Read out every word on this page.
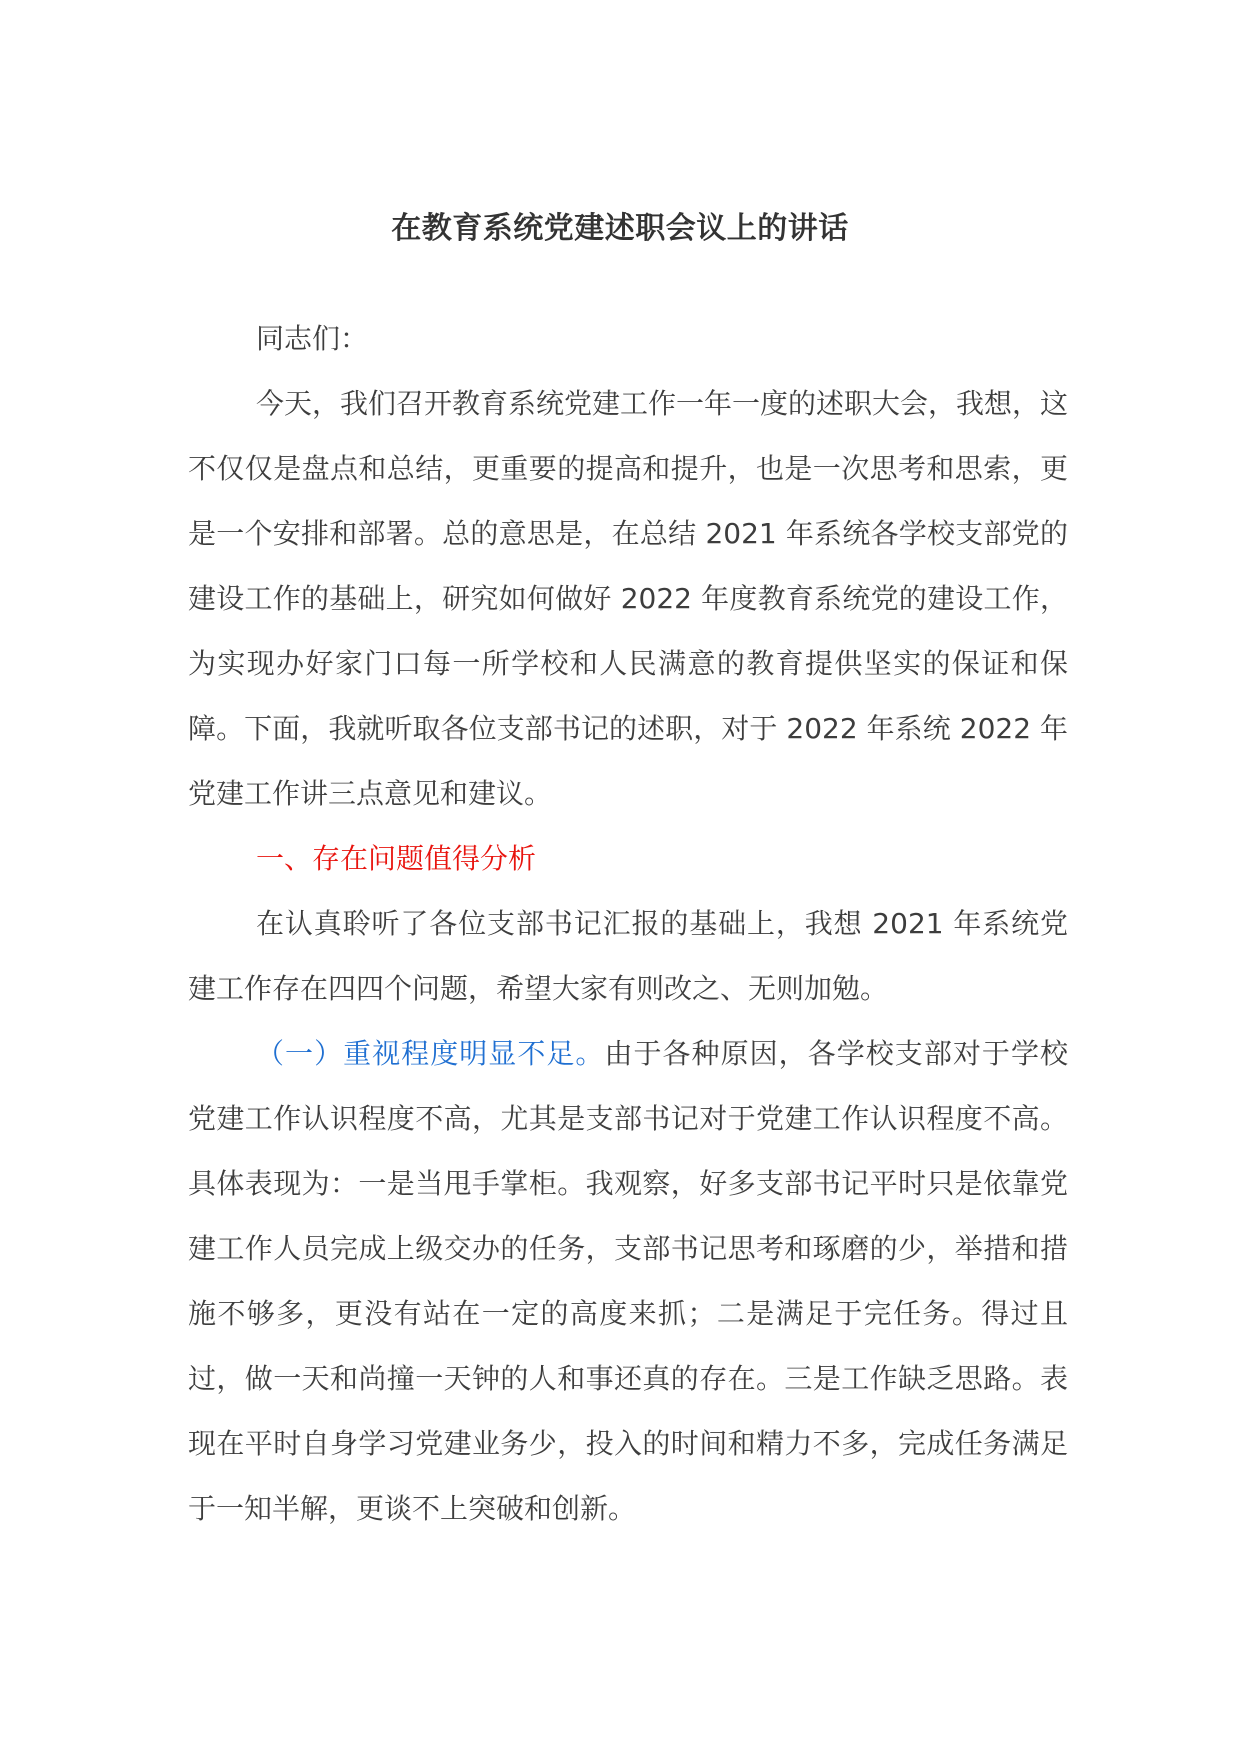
在教育系统党建述职会议上的讲话

同志们：

今天，我们召开教育系统党建工作一年一度的述职大会，我想，这不仅仅是盘点和总结，更重要的提高和提升，也是一次思考和思索，更是一个安排和部署。总的意思是，在总结 2021 年系统各学校支部党的建设工作的基础上，研究如何做好 2022 年度教育系统党的建设工作，为实现办好家门口每一所学校和人民满意的教育提供坚实的保证和保障。下面，我就听取各位支部书记的述职，对于 2022 年系统 2022 年党建工作讲三点意见和建议。

一、存在问题值得分析

在认真聆听了各位支部书记汇报的基础上，我想 2021 年系统党建工作存在四四个问题，希望大家有则改之、无则加勉。

（一）重视程度明显不足。由于各种原因，各学校支部对于学校党建工作认识程度不高，尤其是支部书记对于党建工作认识程度不高。具体表现为：一是当甩手掌柜。我观察，好多支部书记平时只是依靠党建工作人员完成上级交办的任务，支部书记思考和琢磨的少，举措和措施不够多，更没有站在一定的高度来抓；二是满足于完任务。得过且过，做一天和尚撞一天钟的人和事还真的存在。三是工作缺乏思路。表现在平时自身学习党建业务少，投入的时间和精力不多，完成任务满足于一知半解，更谈不上突破和创新。
